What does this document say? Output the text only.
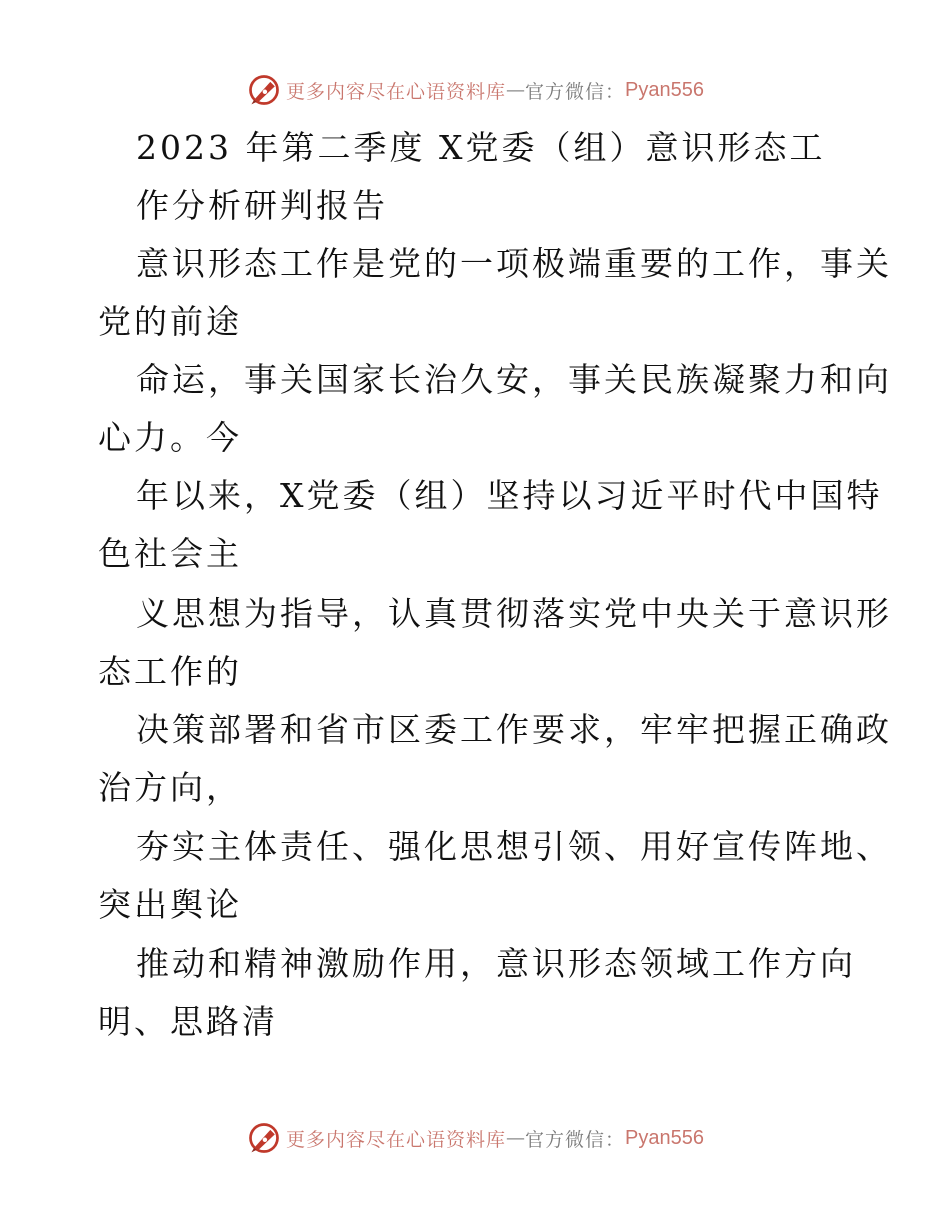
更多内容尽在心语资料库 — 官方微信： Pyan556
2023 年第二季度 X党委（组）意识形态工
作分析研判报告
意识形态工作是党的一项极端重要的工作，事关
党的前途
命运，事关国家长治久安，事关民族凝聚力和向
心力。今
年以来，X党委（组）坚持以习近平时代中国特
色社会主
义思想为指导，认真贯彻落实党中央关于意识形
态工作的
决策部署和省市区委工作要求，牢牢把握正确政
治方向，
夯实主体责任、强化思想引领、用好宣传阵地、
突出舆论
推动和精神激励作用，意识形态领域工作方向
明、思路清
更多内容尽在心语资料库 — 官方微信： Pyan556
